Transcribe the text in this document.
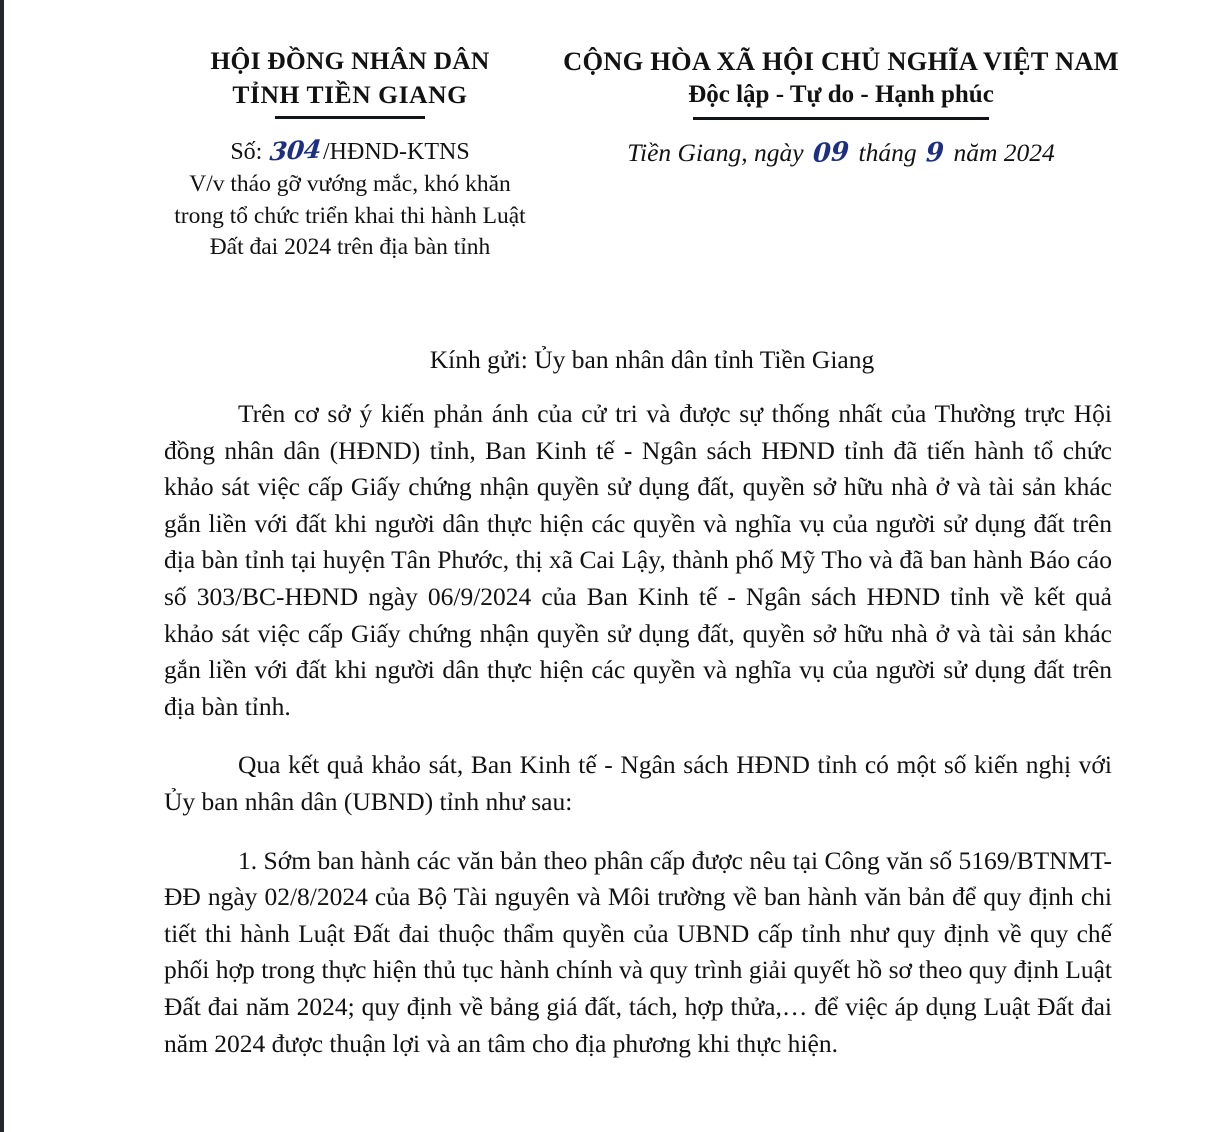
HỘI ĐỒNG NHÂN DÂN
TỈNH TIỀN GIANG
Số: 304/HĐND-KTNS
V/v tháo gỡ vướng mắc, khó khăn trong tổ chức triển khai thi hành Luật Đất đai 2024 trên địa bàn tỉnh
CỘNG HÒA XÃ HỘI CHỦ NGHĨA VIỆT NAM
Độc lập - Tự do - Hạnh phúc
Tiền Giang, ngày 09 tháng 9 năm 2024
Kính gửi: Ủy ban nhân dân tỉnh Tiền Giang

Trên cơ sở ý kiến phản ánh của cử tri và được sự thống nhất của Thường trực Hội đồng nhân dân (HĐND) tỉnh, Ban Kinh tế - Ngân sách HĐND tỉnh đã tiến hành tổ chức khảo sát việc cấp Giấy chứng nhận quyền sử dụng đất, quyền sở hữu nhà ở và tài sản khác gắn liền với đất khi người dân thực hiện các quyền và nghĩa vụ của người sử dụng đất trên địa bàn tỉnh tại huyện Tân Phước, thị xã Cai Lậy, thành phố Mỹ Tho và đã ban hành Báo cáo số 303/BC-HĐND ngày 06/9/2024 của Ban Kinh tế - Ngân sách HĐND tỉnh về kết quả khảo sát việc cấp Giấy chứng nhận quyền sử dụng đất, quyền sở hữu nhà ở và tài sản khác gắn liền với đất khi người dân thực hiện các quyền và nghĩa vụ của người sử dụng đất trên địa bàn tỉnh.

Qua kết quả khảo sát, Ban Kinh tế - Ngân sách HĐND tỉnh có một số kiến nghị với Ủy ban nhân dân (UBND) tỉnh như sau:

1. Sớm ban hành các văn bản theo phân cấp được nêu tại Công văn số 5169/BTNMT-ĐĐ ngày 02/8/2024 của Bộ Tài nguyên và Môi trường về ban hành văn bản để quy định chi tiết thi hành Luật Đất đai thuộc thẩm quyền của UBND cấp tỉnh như quy định về quy chế phối hợp trong thực hiện thủ tục hành chính và quy trình giải quyết hồ sơ theo quy định Luật Đất đai năm 2024; quy định về bảng giá đất, tách, hợp thửa,… để việc áp dụng Luật Đất đai năm 2024 được thuận lợi và an tâm cho địa phương khi thực hiện.
